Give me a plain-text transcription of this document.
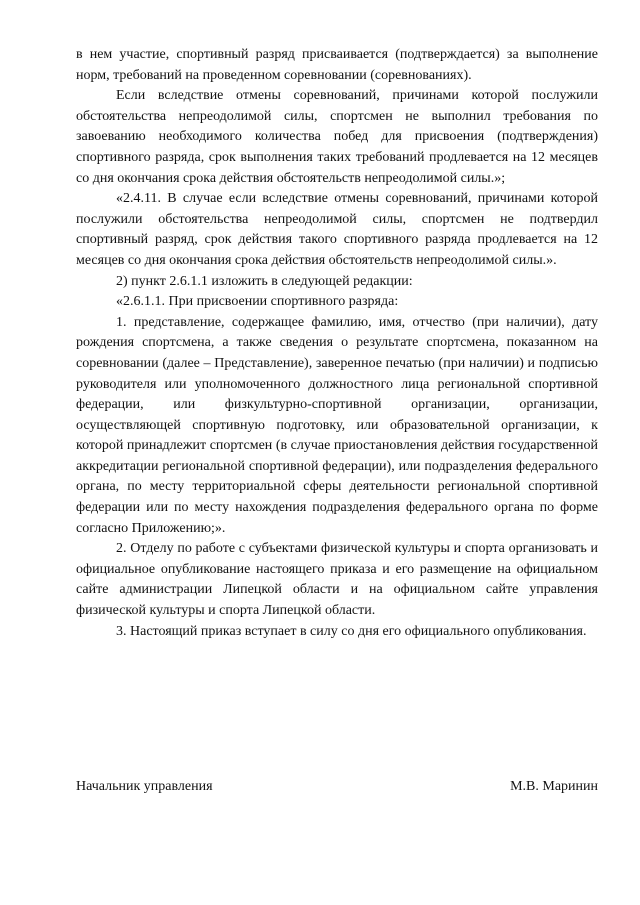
в нем участие, спортивный разряд присваивается (подтверждается) за выполнение норм, требований на проведенном соревновании (соревнованиях).

Если вследствие отмены соревнований, причинами которой послужили обстоятельства непреодолимой силы, спортсмен не выполнил требования по завоеванию необходимого количества побед для присвоения (подтверждения) спортивного разряда, срок выполнения таких требований продлевается на 12 месяцев со дня окончания срока действия обстоятельств непреодолимой силы.»;

«2.4.11. В случае если вследствие отмены соревнований, причинами которой послужили обстоятельства непреодолимой силы, спортсмен не подтвердил спортивный разряд, срок действия такого спортивного разряда продлевается на 12 месяцев со дня окончания срока действия обстоятельств непреодолимой силы.».

2) пункт 2.6.1.1 изложить в следующей редакции:

«2.6.1.1. При присвоении спортивного разряда:

1. представление, содержащее фамилию, имя, отчество (при наличии), дату рождения спортсмена, а также сведения о результате спортсмена, показанном на соревновании (далее – Представление), заверенное печатью (при наличии) и подписью руководителя или уполномоченного должностного лица региональной спортивной федерации, или физкультурно-спортивной организации, организации, осуществляющей спортивную подготовку, или образовательной организации, к которой принадлежит спортсмен (в случае приостановления действия государственной аккредитации региональной спортивной федерации), или подразделения федерального органа, по месту территориальной сферы деятельности региональной спортивной федерации или по месту нахождения подразделения федерального органа по форме согласно Приложению;».

2. Отделу по работе с субъектами физической культуры и спорта организовать и официальное опубликование настоящего приказа и его размещение на официальном сайте администрации Липецкой области и на официальном сайте управления физической культуры и спорта Липецкой области.

3. Настоящий приказ вступает в силу со дня его официального опубликования.

Начальник управления	М.В. Маринин
